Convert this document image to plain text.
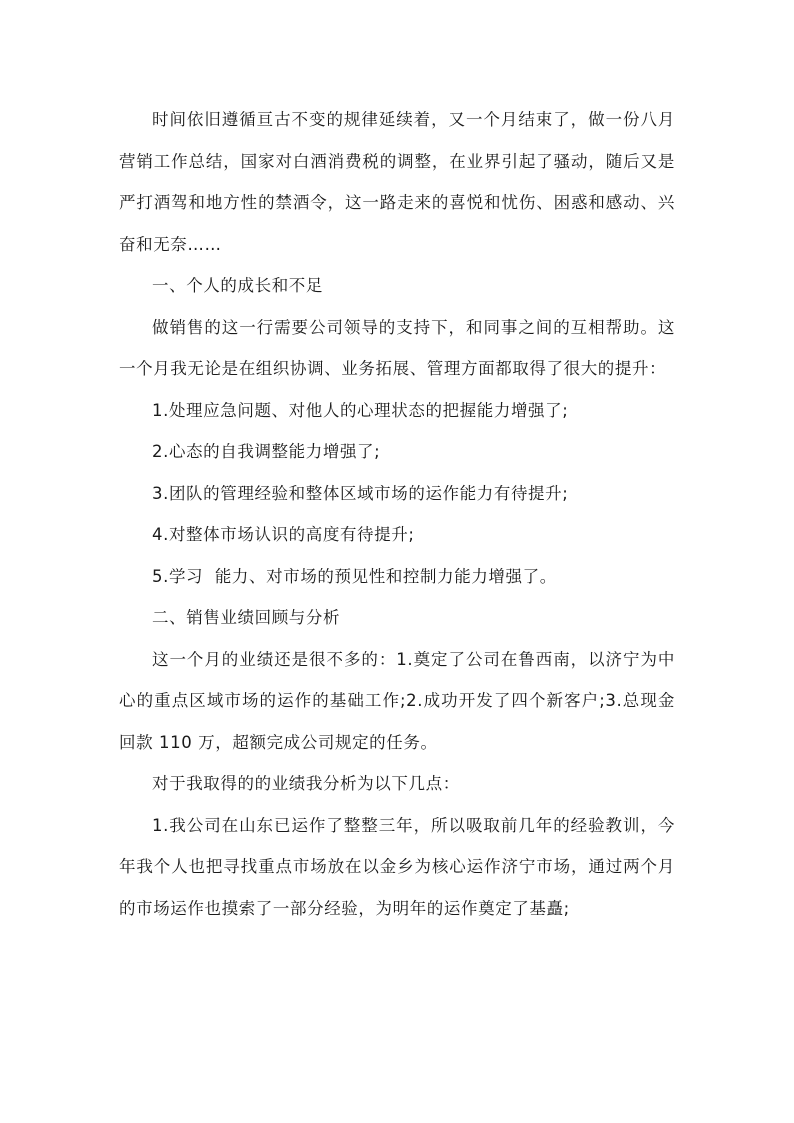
时间依旧遵循亘古不变的规律延续着，又一个月结束了，做一份八月营销工作总结，国家对白酒消费税的调整，在业界引起了骚动，随后又是严打酒驾和地方性的禁酒令，这一路走来的喜悦和忧伤、困惑和感动、兴奋和无奈……

一、个人的成长和不足

做销售的这一行需要公司领导的支持下，和同事之间的互相帮助。这一个月我无论是在组织协调、业务拓展、管理方面都取得了很大的提升：

1.处理应急问题、对他人的心理状态的把握能力增强了;

2.心态的自我调整能力增强了;

3.团队的管理经验和整体区域市场的运作能力有待提升;

4.对整体市场认识的高度有待提升;

5.学习  能力、对市场的预见性和控制力能力增强了。

二、销售业绩回顾与分析

这一个月的业绩还是很不多的：1.奠定了公司在鲁西南，以济宁为中心的重点区域市场的运作的基础工作;2.成功开发了四个新客户;3.总现金回款 110 万，超额完成公司规定的任务。

对于我取得的的业绩我分析为以下几点：

1.我公司在山东已运作了整整三年，所以吸取前几年的经验教训，今年我个人也把寻找重点市场放在以金乡为核心运作济宁市场，通过两个月的市场运作也摸索了一部分经验，为明年的运作奠定了基矗;
